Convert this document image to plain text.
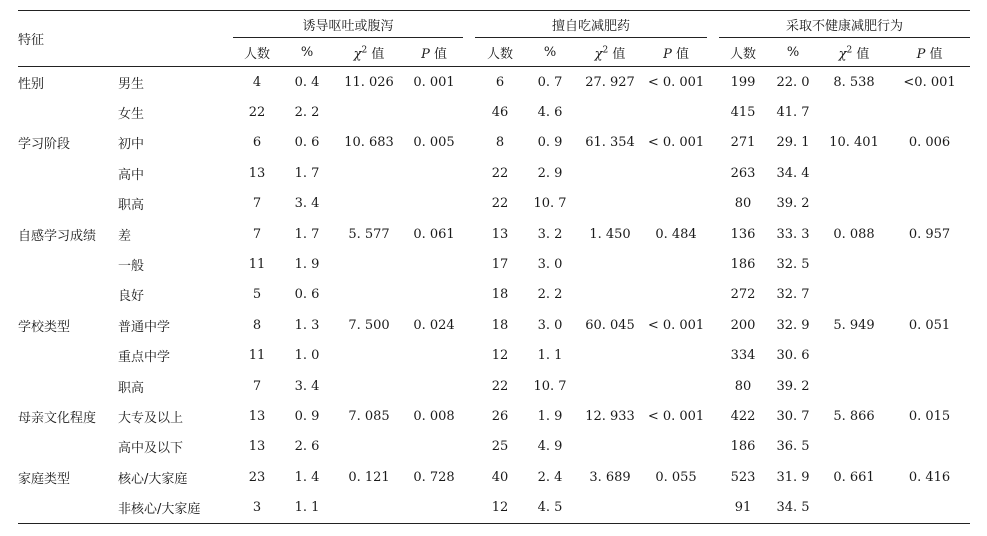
特征		诱导呕吐或腹泻					擅自吃减肥药					采取不健康减肥行为			
		人数	%	$\chi^2$ 值	P 值		人数	%	$\chi^2$ 值	P 值		人数	%	$\chi^2$ 值	P 值
性别	男生	4	0. 4	11. 026	0. 001		6	0. 7	27. 927	< 0. 001		199	22. 0	8. 538	<0. 001
	女生	22	2. 2				46	4. 6				415	41. 7		
学习阶段	初中	6	0. 6	10. 683	0. 005		8	0. 9	61. 354	< 0. 001		271	29. 1	10. 401	0. 006
	高中	13	1. 7				22	2. 9				263	34. 4		
	职高	7	3. 4				22	10. 7				80	39. 2		
自感学习成绩	差	7	1. 7	5. 577	0. 061		13	3. 2	1. 450	0. 484		136	33. 3	0. 088	0. 957
	一般	11	1. 9				17	3. 0				186	32. 5		
	良好	5	0. 6				18	2. 2				272	32. 7		
学校类型	普通中学	8	1. 3	7. 500	0. 024		18	3. 0	60. 045	< 0. 001		200	32. 9	5. 949	0. 051
	重点中学	11	1. 0				12	1. 1				334	30. 6		
	职高	7	3. 4				22	10. 7				80	39. 2		
母亲文化程度	大专及以上	13	0. 9	7. 085	0. 008		26	1. 9	12. 933	< 0. 001		422	30. 7	5. 866	0. 015
	高中及以下	13	2. 6				25	4. 9				186	36. 5		
家庭类型	核心/大家庭	23	1. 4	0. 121	0. 728		40	2. 4	3. 689	0. 055		523	31. 9	0. 661	0. 416
	非核心/大家庭	3	1. 1				12	4. 5				91	34. 5		
